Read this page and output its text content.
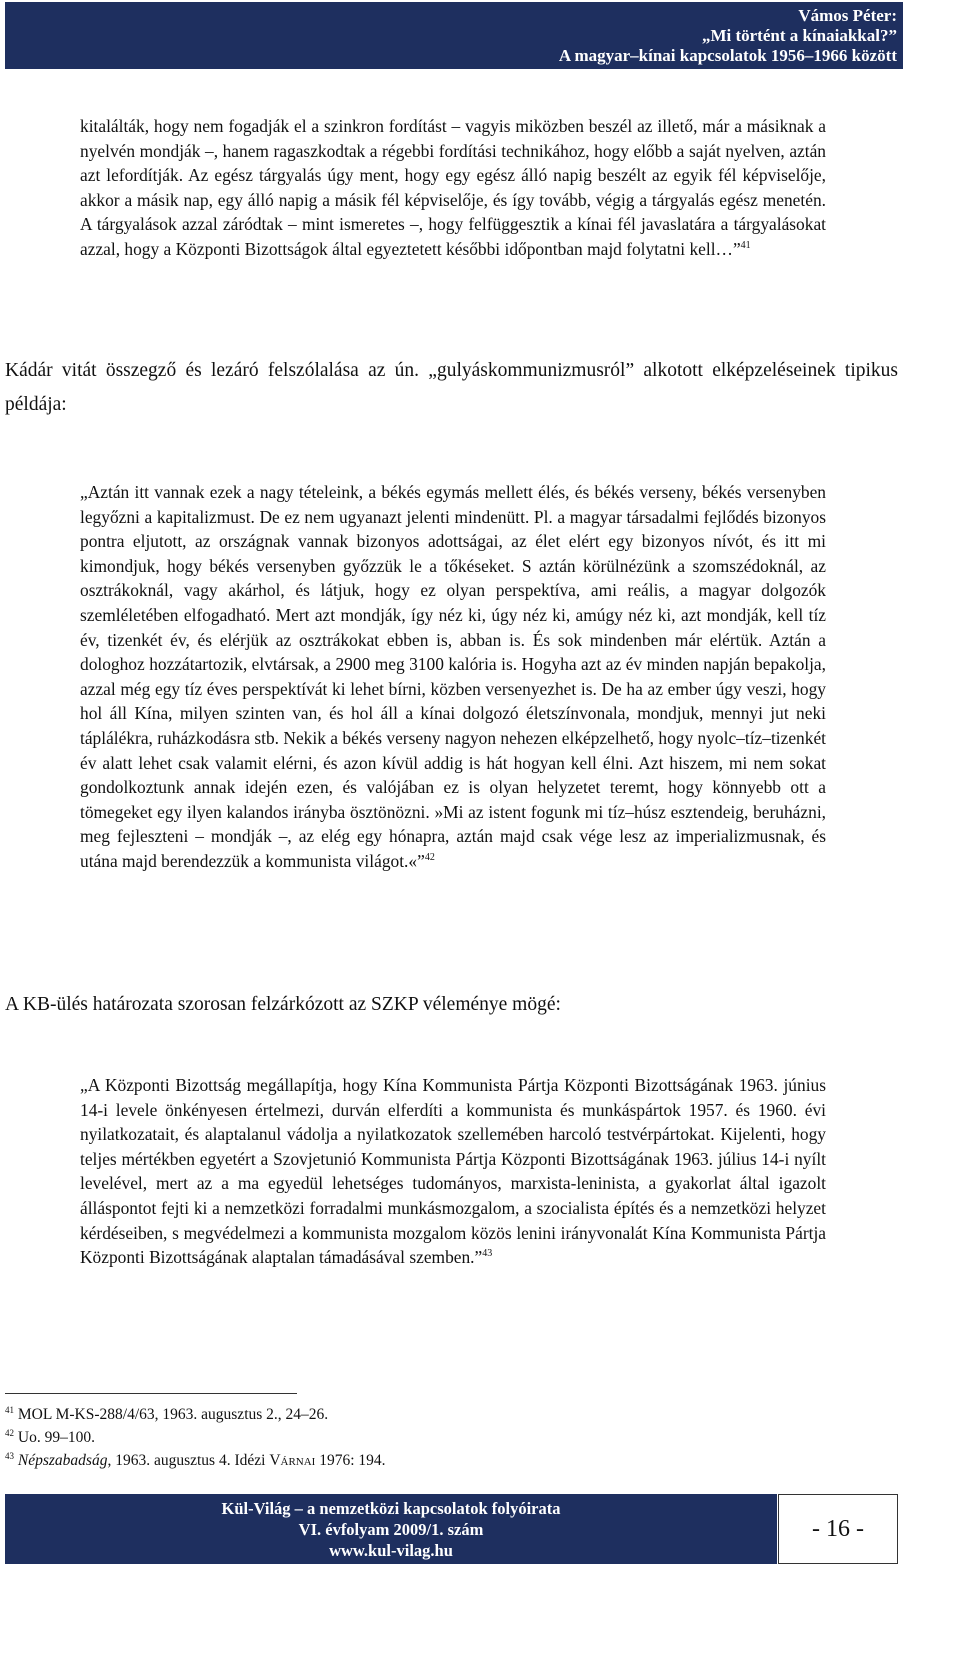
Vámos Péter:
„Mi történt a kínaiakkal?”
A magyar–kínai kapcsolatok 1956–1966 között

kitalálták, hogy nem fogadják el a szinkron fordítást – vagyis miközben beszél az illető, már a másiknak a nyelvén mondják –, hanem ragaszkodtak a régebbi fordítási technikához, hogy előbb a saját nyelven, aztán azt lefordítják. Az egész tárgyalás úgy ment, hogy egy egész álló napig beszélt az egyik fél képviselője, akkor a másik nap, egy álló napig a másik fél képviselője, és így tovább, végig a tárgyalás egész menetén. A tárgyalások azzal záródtak – mint ismeretes –, hogy felfüggesztik a kínai fél javaslatára a tárgyalásokat azzal, hogy a Központi Bizottságok által egyeztetett későbbi időpontban majd folytatni kell…”$^{41}$

Kádár vitát összegző és lezáró felszólalása az ún. „gulyáskommunizmusról” alkotott elképzeléseinek tipikus példája:

„Aztán itt vannak ezek a nagy tételeink, a békés egymás mellett élés, és békés verseny, békés versenyben legyőzni a kapitalizmust. De ez nem ugyanazt jelenti mindenütt. Pl. a magyar társadalmi fejlődés bizonyos pontra eljutott, az országnak vannak bizonyos adottságai, az élet elért egy bizonyos nívót, és itt mi kimondjuk, hogy békés versenyben győzzük le a tőkéseket. S aztán körülnézünk a szomszédoknál, az osztrákoknál, vagy akárhol, és látjuk, hogy ez olyan perspektíva, ami reális, a magyar dolgozók szemléletében elfogadható. Mert azt mondják, így néz ki, úgy néz ki, amúgy néz ki, azt mondják, kell tíz év, tizenkét év, és elérjük az osztrákokat ebben is, abban is. És sok mindenben már elértük. Aztán a dologhoz hozzátartozik, elvtársak, a 2900 meg 3100 kalória is. Hogyha azt az év minden napján bepakolja, azzal még egy tíz éves perspektívát ki lehet bírni, közben versenyezhet is. De ha az ember úgy veszi, hogy hol áll Kína, milyen szinten van, és hol áll a kínai dolgozó életszínvonala, mondjuk, mennyi jut neki táplálékra, ruházkodásra stb. Nekik a békés verseny nagyon nehezen elképzelhető, hogy nyolc–tíz–tizenkét év alatt lehet csak valamit elérni, és azon kívül addig is hát hogyan kell élni. Azt hiszem, mi nem sokat gondolkoztunk annak idején ezen, és valójában ez is olyan helyzetet teremt, hogy könnyebb ott a tömegeket egy ilyen kalandos irányba ösztönözni. »Mi az istent fogunk mi tíz–húsz esztendeig, beruházni, meg fejleszteni – mondják –, az elég egy hónapra, aztán majd csak vége lesz az imperializmusnak, és utána majd berendezzük a kommunista világot.«”$^{42}$

A KB-ülés határozata szorosan felzárkózott az SZKP véleménye mögé:

„A Központi Bizottság megállapítja, hogy Kína Kommunista Pártja Központi Bizottságának 1963. június 14-i levele önkényesen értelmezi, durván elferdíti a kommunista és munkáspártok 1957. és 1960. évi nyilatkozatait, és alaptalanul vádolja a nyilatkozatok szellemében harcoló testvérpártokat. Kijelenti, hogy teljes mértékben egyetért a Szovjetunió Kommunista Pártja Központi Bizottságának 1963. július 14-i nyílt levelével, mert az a ma egyedül lehetséges tudományos, marxista-leninista, a gyakorlat által igazolt álláspontot fejti ki a nemzetközi forradalmi munkásmozgalom, a szocialista építés és a nemzetközi helyzet kérdéseiben, s megvédelmezi a kommunista mozgalom közös lenini irányvonalát Kína Kommunista Pártja Központi Bizottságának alaptalan támadásával szemben.”$^{43}$

$^{41}$ MOL M-KS-288/4/63, 1963. augusztus 2., 24–26.

$^{42}$ Uo. 99–100.

$^{43}$ Népszabadság, 1963. augusztus 4. Idézi Várnai 1976: 194.

Kül-Világ – a nemzetközi kapcsolatok folyóirata
VI. évfolyam 2009/1. szám
www.kul-vilag.hu
- 16 -
